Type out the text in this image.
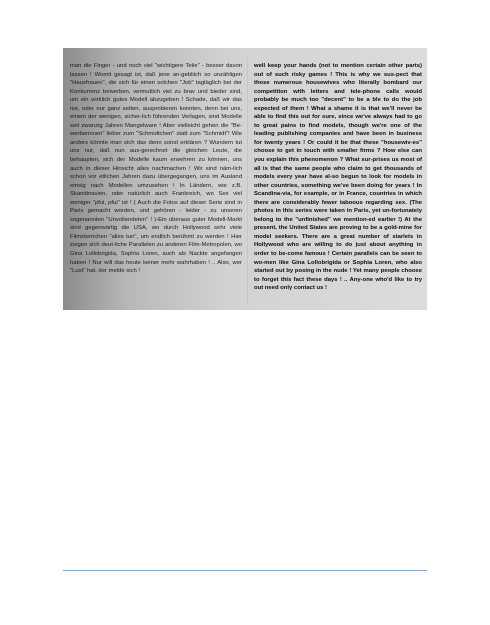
man die Finger - und noch viel "wichtigere Teile" - besser davon lassen ! Womit gesagt ist, daß jene an-gebliich so unzähligen "Hausfrauen", die sich für einen solchen "Job" tagtäglich bei der Konkurrenz bewerben, vermutlich viel zu brav und bieder sind, um ein wirklich gutes Modell abzugeben ! Schade, daß wir das nie, oder nur ganz selten, ausprobieren konnten, denn bei uns, einem der wenigen, sicher-lich führenden Verlagen, sind Modelle seit zwanzig Jahren Mangelware ! Aber vielleicht gehen die "Be-werberinnen" lieber zum "Schmidtchen" statt zum "Schmidt"! Wie anders könnte man sich das denn sonst erklären ? Wundern tut uns nur, daß nun aus-gerechnet die gleichen Leute, die behaupten, sich der Modelle kaum erwehren zu können, uns auch in dieser Hinsicht alles nachmachen ! Wir sind näm-lich schon vor etlichen Jahren dazu übergegangen, uns im Ausland emsig nach Modellen umzusehen ! In Ländern, wie z.B. Skandinavien, oder natürlich auch Frankreich, wo Sex viel weniger "pfui, pfui" ist ! ( Auch die Fotos auf dieser Serie sind in Paris gemacht worden, und gehören - leider - zu unseren sogenannten "Unvollendeten" ! )-Ein überaus guter Modell-Markt sind gegenwärtig die USA, wo durch Hollywood sehr viele Filmsternchen "alles tun", um endlich berühmt zu werden ! Hier zeigen sich deut-liche Parallelen zu anderen Film-Metropolen, wo Gina Lollobrigida, Sophia Loren, auch als Nackte angefangen haben ! Nur will das heute keiner mehr wahrhaben ! .. Also, wer "Lust" hat, der melde sich !

well keep your hands (not to mention certain other parts) out of such risky games ! This is why we sus-pect that those numerous housewives who literally bombard our competition with letters and tele-phone calls would probably be much too "decent" to be a ble to do the job expected of them ! What a shame it is that we'll never be able to find this out for sure, since we've always had to go to great pains to find models, though we're one of the leading publishing companies and have been in business for twenty years ! Or could it be that these "housewiv-es" choose to get in touch with smaller firms ? How else can you explain this phenomenon ? What sur-prises us most of all is that the same people who claim to get thousands of models every year have al-so begun to look for models in other countries, something we've been doing for years ! In Scandina-via, for example, or in France, countries in which there are considerably fewer taboous regarding sex. (The photos in this series were taken in Paris, yet un-fortunately belong to the "unfinished" we mention-ed earlier !) At the present, the United States are proving to be a gold-mine for model seekers. There are a great number of starlets in Hollywood who are willing to do just about anything in order to be-come famous ! Certain parallels can be seen to wo-men like Gina Lollobrigida or Sophia Loren, who also started out by posing in the nude ! Yet many people choose to forget this fact these days ! .. Any-one who'd like to try out need only contact us !
